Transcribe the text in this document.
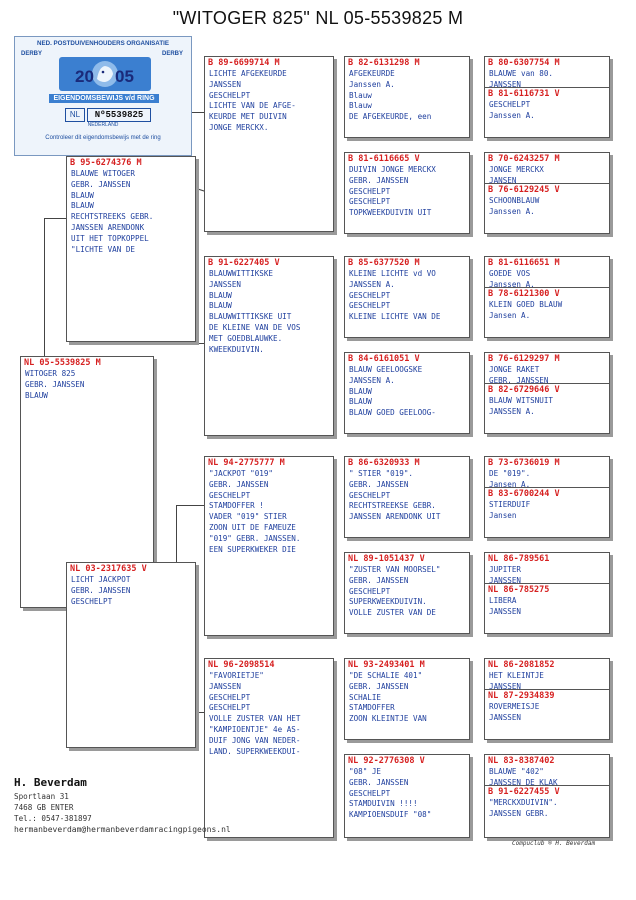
"WITOGER 825" NL 05-5539825 M
NED. POSTDUIVENHOUDERS ORGANISATIE
DERBY	DERBY
20 05
EIGENDOMSBEWIJS v/d RING
NL	Nº5539825
NEDERLAND
Controleer dit eigendomsbewijs met de ring
NL 05-5539825 M
WITOGER 825
GEBR. JANSSEN
BLAUW
B 95-6274376 M
BLAUWE WITOGER
GEBR. JANSSEN
BLAUW
BLAUW
RECHTSTREEKS GEBR.
JANSSEN ARENDONK
UIT HET TOPKOPPEL
"LICHTE VAN DE
NL 03-2317635 V
LICHT JACKPOT
GEBR. JANSSEN
GESCHELPT
B 89-6699714 M
LICHTE AFGEKEURDE
JANSSEN
GESCHELPT
LICHTE VAN DE AFGE-
KEURDE MET DUIVIN
JONGE MERCKX.
B 91-6227405 V
BLAUWWITTIKSKE
JANSSEN
BLAUW
BLAUW
BLAUWWITTIKSKE UIT
DE KLEINE VAN DE VOS
MET GOEDBLAUWKE.
KWEEKDUIVIN.
NL 94-2775777 M
"JACKPOT "019"
GEBR. JANSSEN
GESCHELPT
STAMDOFFER !
VADER "019" STIER
ZOON UIT DE FAMEUZE
"019" GEBR. JANSSEN.
EEN SUPERKWEKER DIE
NL 96-2098514
"FAVORIETJE"
JANSSEN
GESCHELPT
GESCHELPT
VOLLE ZUSTER VAN HET
"KAMPIOENTJE" 4e AS-
DUIF JONG VAN NEDER-
LAND. SUPERKWEEKDUI-
B 82-6131298 M
AFGEKEURDE
Janssen A.
Blauw
Blauw
DE AFGEKEURDE, een
B 81-6116665 V
DUIVIN JONGE MERCKX
GEBR. JANSSEN
GESCHELPT
GESCHELPT
TOPKWEEKDUIVIN UIT
B 85-6377520 M
KLEINE LICHTE vd VO
JANSSEN A.
GESCHELPT
GESCHELPT
KLEINE LICHTE VAN DE
B 84-6161051 V
BLAUW GEELOOGSKE
JANSSEN A.
BLAUW
BLAUW
BLAUW GOED GEELOOG-
B 86-6320933 M
" STIER "019".
GEBR. JANSSEN
GESCHELPT
RECHTSTREEKSE GEBR.
JANSSEN ARENDONK UIT
NL 89-1051437 V
"ZUSTER VAN MOORSEL"
GEBR. JANSSEN
GESCHELPT
SUPERKWEEKDUIVIN.
VOLLE ZUSTER VAN DE
NL 93-2493401 M
"DE SCHALIE 401"
GEBR. JANSSEN
SCHALIE
STAMDOFFER
ZOON KLEINTJE VAN
NL 92-2776308 V
"08" JE
GEBR. JANSSEN
GESCHELPT
STAMDUIVIN !!!!
KAMPIOENSDUIF "08"
B 80-6307754 M
BLAUWE van 80.
JANSSEN
B 81-6116731 V
GESCHELPT
Janssen A.
B 70-6243257 M
JONGE MERCKX
JANSEN
B 76-6129245 V
SCHOONBLAUW
Janssen A.
B 81-6116651 M
GOEDE VOS
Janssen A.
B 78-6121300 V
KLEIN GOED BLAUW
Jansen A.
B 76-6129297 M
JONGE RAKET
GEBR. JANSSEN
B 82-6729646 V
BLAUW WITSNUIT
JANSSEN A.
B 73-6736019 M
DE "019".
Jansen A.
B 83-6700244 V
STIERDUIF
Jansen
NL 86-789561
JUPITER
JANSSEN
NL 86-785275
LIBERA
JANSSEN
NL 86-2081852
HET KLEINTJE
JANSSEN
NL 87-2934839
ROVERMEISJE
JANSSEN
NL 83-8387402
BLAUWE "402"
JANSSEN DE KLAK
B 91-6227455 V
"MERCKXDUIVIN".
JANSSEN GEBR.
H. Beverdam
Sportlaan 31
7468 GB ENTER
Tel.: 0547-381897
hermanbeverdam@hermanbeverdamracingpigeons.nl
Compuclub ® H. Beverdam
